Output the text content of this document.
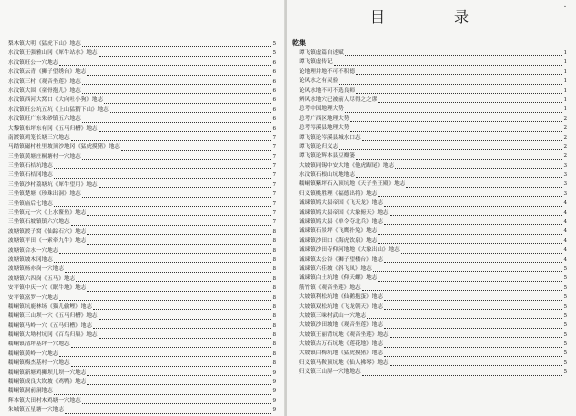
梨木镇大明《猛虎下山》地志	5
水汶镇王强雅山冈《犀牛站水》地志	5
水汶镇旺公一穴地志	6
水汶镇云青《狮子望绣台》地志	6
水汶镇三村《观音坐莲》地志	6
水汶镇大围《童骨抱儿》地志	6
水汶镇西河大窝口《大向吐小狗》地志	6
水汶镇旺公坑五坑《上山猛猬下山》地志	6
水汶镇旺广东朱砂镇五六地志	6
大黎镇布坪东有冈《五马归槽》地志	6
南渡镇鸡笼长塘三穴地志	7
马踏镇磁村杜里坡顶沙地冈《猛虎摸猪》地志	7
三坐镇黄塘庄桐塘村一穴地志	7
三坐镇石桔坑地志	7
三坐镇石桔冈地志	7
三坐镇沙村荔塘坑《犀牛望月》地志	7
三坐镇楚塘《珍珠出洞》地志	7
三坐镇庙后七地志	7
三坐镇元一穴《上水鳌鱼》地志	7
三坐镇石坡镇镇六穴地志	7
波塘镇渡子窝《仙踪石穴》地志	8
波塘镇平田《一索牵九牛》地志	8
波塘镇合水一穴地志	8
波塘镇坡木冈地志	8
波塘镇杨亦岗一穴地志	8
波塘镇六四岗《五马》地志	8
安平镇中庆一穴《眠牛地》地志	8
安平镇富罗一穴地志	8
糯峒镇坑鹿林场《猫儿偷鲤》地志	8
糯峒镇三山坝一穴《五马归槽》地志	8
糯峒镇马岭一穴《五马归槽》地志	8
糯峒镇大坳村坑冈《百鸟归巢》地志	8
糯峒镇清坪基坪一穴地志	8
糯峒镇黄岭一穴地志	8
糯峒镇梅杰基村一穴地志	8
糯峒镇新塘鸡狮坝儿坝一穴地志	9
糯峒镇成良大坎坡《鸡鸭》地志	9
糯峒镇洞前洞地志	9
辉本镇大田村木鸡塘一穴地志	9
朱城镇五星塘一穴地志	9
目	录
・
乾集
谭飞镇虚篇自述赋	1
谭飞镇虚传记	1
论地理并地不可不积德	1
论风水之有灵验	1
论风水地不可不选良师	1
辨风水地穴已被前人尽得之之谬	1
总考中国地理大势	1
总考广西区地理大势	2
总考岑溪县地理大势	2
谭飞镇论岑溪县城水口志	2
谭飞镇论归义志	2
谭飞镇论辉本县豆瓣篓	2
大坡镇同锡中安大地《他虎踞尾》地志	3
水汶镇石根山坑地地志	3
糯峒镇紫坪石入顶坑地《天子坐王殿》地志	3
归义镇桃胜理《福德出将》地志	3
诚谏镇鸠大县帝国《飞天龙》地志	4
诚谏镇鸠大县帝国《大象俯天》地志	4
诚谏镇鸠大县《单令夺北兵》地志	4
诚谏镇石景坪《飞鹰扑兔》地志	4
诚谏镇沙田口《海虎饮泉》地志	4
诚谏镇沙田寺仰河地地《大象出山》地志	4
诚谏镇太公谷《狮子望楼台》地志	4
诚谏镇六佳坡《斜飞凤》地志	5
诚谏镇白土坑地《仰天螺》地志	5
筋竹镇《观音坐莲》地志	5
大坡镇利松坑地《仙鹅抱蛋》地志	5
大坡镇双松坑地《飞龙朝天》地志	5
大坡镇三味村武山一穴地志	5
大坡镇沙田坡地《观音坐莲》地志	5
大坡镇王丽背坑地《观音坐莲》地志	5
大坡镇古万石坑地《莲花地》地志	5
大坡镇白梅坑地《猛虎摸猪》地志	5
归义镇马鞍顶坑地《仙人拂琴》地志	5
归义镇三山屏一穴地地志	5
